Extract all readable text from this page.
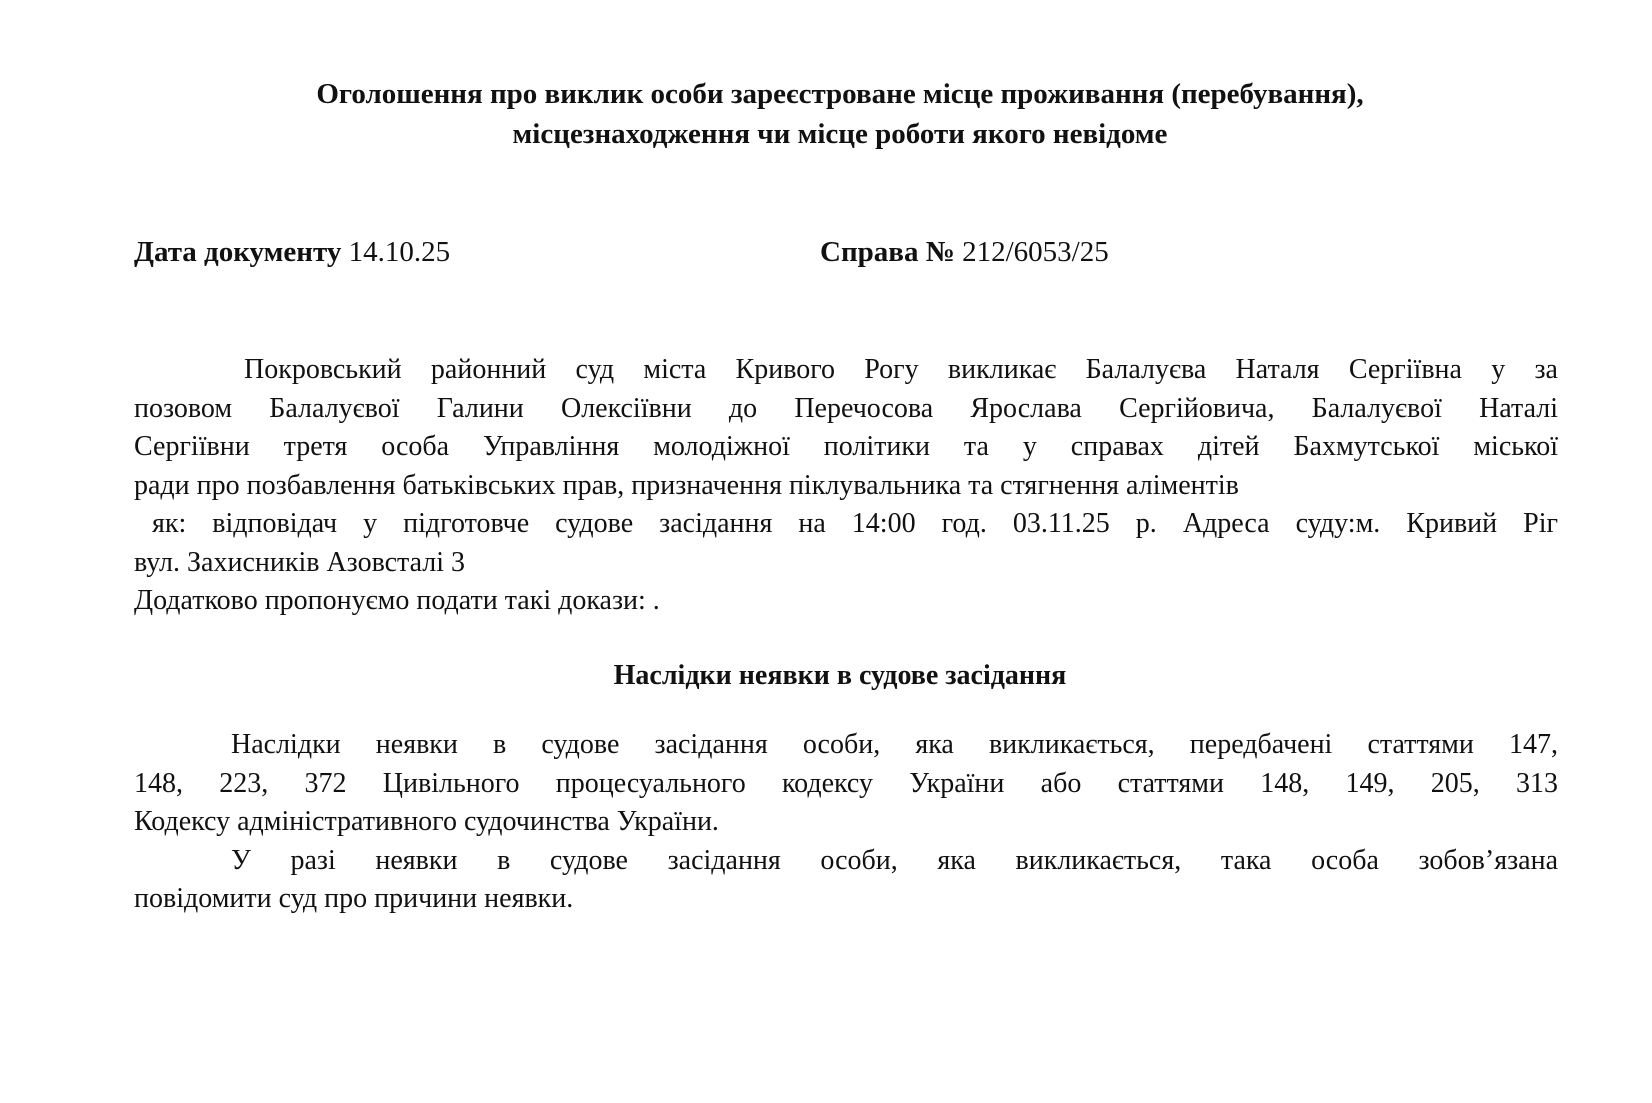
Оголошення про виклик особи зареєстроване місце проживання (перебування),
місцезнаходження чи місце роботи якого невідоме
Дата документу 14.10.25	Справа № 212/6053/25
Покровський районний суд міста Кривого Рогу викликає Балалуєва Наталя Сергіївна у за
позовом Балалуєвої Галини Олексіївни до Перечосова Ярослава Сергійовича, Балалуєвої Наталі
Сергіївни третя особа Управління молодіжної політики та у справах дітей Бахмутської міської
ради про позбавлення батьківських прав, призначення піклувальника та стягнення аліментів
як: відповідач у підготовче судове засідання на 14:00 год. 03.11.25 р. Адреса суду:м. Кривий Ріг
вул. Захисників Азовсталі 3
Додатково пропонуємо подати такі докази: .
Наслідки неявки в судове засідання
Наслідки неявки в судове засідання особи, яка викликається, передбачені статтями 147,
148, 223, 372 Цивільного процесуального кодексу України або статтями 148, 149, 205, 313
Кодексу адміністративного судочинства України.
У разі неявки в судове засідання особи, яка викликається, така особа зобов’язана
повідомити суд про причини неявки.
